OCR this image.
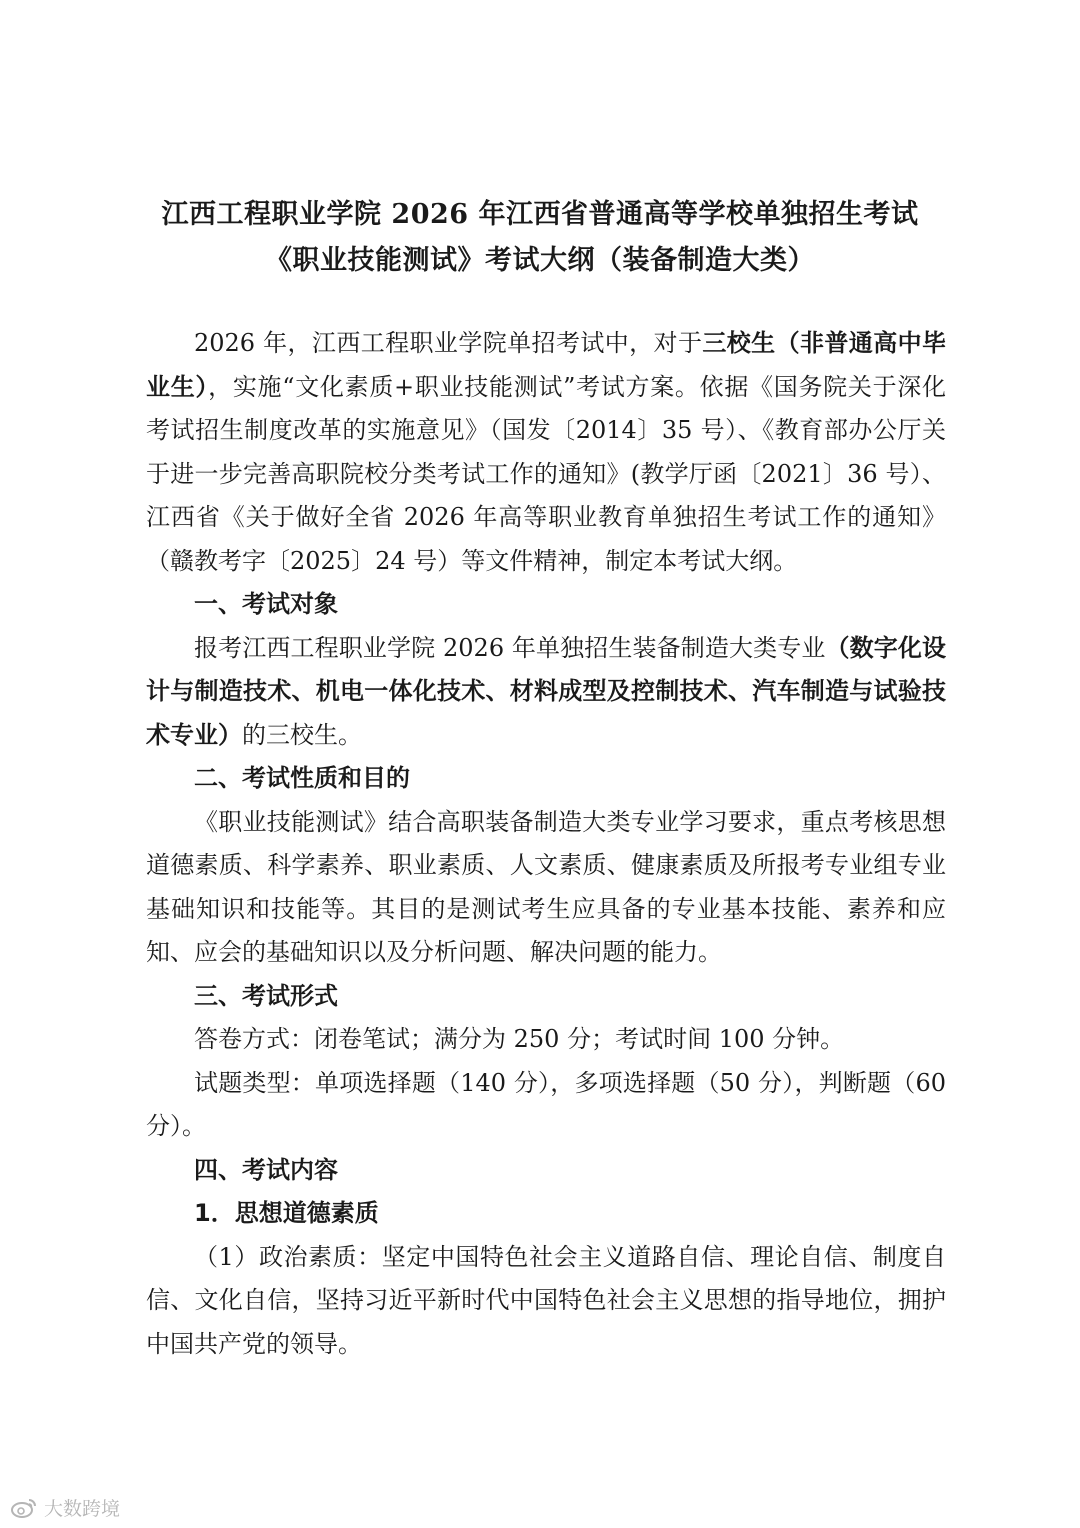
江西工程职业学院 2026 年江西省普通高等学校单独招生考试
《职业技能测试》考试大纲（装备制造大类）

2026 年，江西工程职业学院单招考试中，对于三校生（非普通高中毕业生），实施“文化素质+职业技能测试”考试方案。依据《国务院关于深化考试招生制度改革的实施意见》（国发〔2014〕35 号）、《教育部办公厅关于进一步完善高职院校分类考试工作的通知》(教学厅函〔2021〕36 号）、江西省《关于做好全省 2026 年高等职业教育单独招生考试工作的通知》（赣教考字〔2025〕24 号）等文件精神，制定本考试大纲。

一、考试对象

报考江西工程职业学院 2026 年单独招生装备制造大类专业（数字化设计与制造技术、机电一体化技术、材料成型及控制技术、汽车制造与试验技术专业）的三校生。

二、考试性质和目的

《职业技能测试》结合高职装备制造大类专业学习要求，重点考核思想道德素质、科学素养、职业素质、人文素质、健康素质及所报考专业组专业基础知识和技能等。其目的是测试考生应具备的专业基本技能、素养和应知、应会的基础知识以及分析问题、解决问题的能力。

三、考试形式

答卷方式：闭卷笔试；满分为 250 分；考试时间 100 分钟。

试题类型：单项选择题（140 分），多项选择题（50 分），判断题（60 分）。

四、考试内容

1．思想道德素质

（1）政治素质：坚定中国特色社会主义道路自信、理论自信、制度自信、文化自信，坚持习近平新时代中国特色社会主义思想的指导地位，拥护中国共产党的领导。

大数跨境
